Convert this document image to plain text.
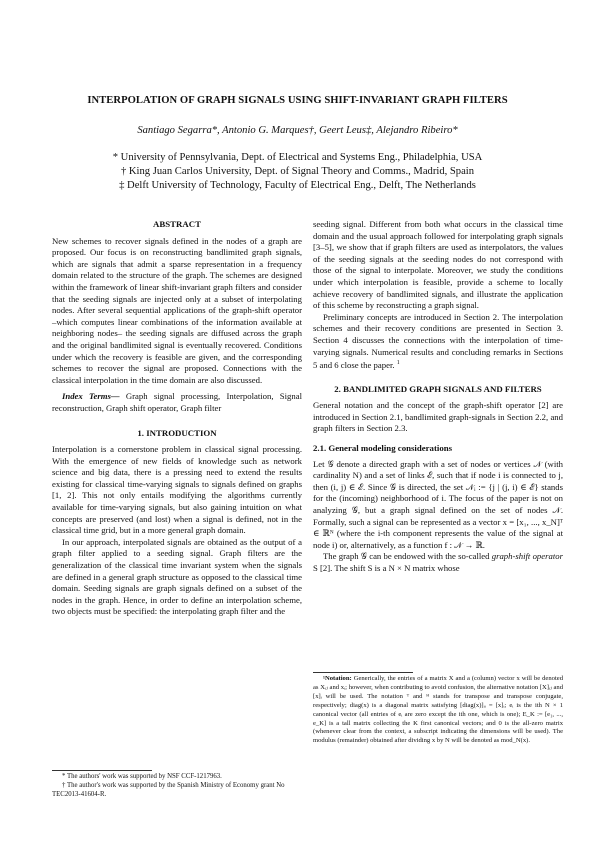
INTERPOLATION OF GRAPH SIGNALS USING SHIFT-INVARIANT GRAPH FILTERS
Santiago Segarra*, Antonio G. Marques†, Geert Leus‡, Alejandro Ribeiro*
* University of Pennsylvania, Dept. of Electrical and Systems Eng., Philadelphia, USA
† King Juan Carlos University, Dept. of Signal Theory and Comms., Madrid, Spain
‡ Delft University of Technology, Faculty of Electrical Eng., Delft, The Netherlands
ABSTRACT

New schemes to recover signals defined in the nodes of a graph are proposed. Our focus is on reconstructing bandlimited graph signals, which are signals that admit a sparse representation in a frequency domain related to the structure of the graph. The schemes are designed within the framework of linear shift-invariant graph filters and consider that the seeding signals are injected only at a subset of interpolating nodes. After several sequential applications of the graph-shift operator –which computes linear combinations of the information available at neighboring nodes– the seeding signals are diffused across the graph and the original bandlimited signal is eventually recovered. Conditions under which the recovery is feasible are given, and the corresponding schemes to recover the signal are proposed. Connections with the classical interpolation in the time domain are also discussed.

Index Terms— Graph signal processing, Interpolation, Signal reconstruction, Graph shift operator, Graph filter

1. INTRODUCTION

Interpolation is a cornerstone problem in classical signal processing. With the emergence of new fields of knowledge such as network science and big data, there is a pressing need to extend the results existing for classical time-varying signals to signals defined on graphs [1, 2]. This not only entails modifying the algorithms currently available for time-varying signals, but also gaining intuition on what concepts are preserved (and lost) when a signal is defined, not in the classical time grid, but in a more general graph domain.

In our approach, interpolated signals are obtained as the output of a graph filter applied to a seeding signal. Graph filters are the generalization of the classical time invariant system when the signals are defined in a general graph structure as opposed to the classical time domain. Seeding signals are graph signals defined on a subset of the nodes in the graph. Hence, in order to define an interpolation scheme, two objects must be specified: the interpolating graph filter and the

seeding signal. Different from both what occurs in the classical time domain and the usual approach followed for interpolating graph signals [3–5], we show that if graph filters are used as interpolators, the values of the seeding signals at the seeding nodes do not correspond with those of the signal to interpolate. Moreover, we study the conditions under which interpolation is feasible, provide a scheme to locally achieve recovery of bandlimited signals, and illustrate the application of this scheme by reconstructing a graph signal.

Preliminary concepts are introduced in Section 2. The interpolation schemes and their recovery conditions are presented in Section 3. Section 4 discusses the connections with the interpolation of time-varying signals. Numerical results and concluding remarks in Sections 5 and 6 close the paper. $^1$

2. BANDLIMITED GRAPH SIGNALS AND FILTERS

General notation and the concept of the graph-shift operator [2] are introduced in Section 2.1, bandlimited graph-signals in Section 2.2, and graph filters in Section 2.3.

2.1. General modeling considerations

Let 𝒢 denote a directed graph with a set of nodes or vertices 𝒩 (with cardinality N) and a set of links ℰ, such that if node i is connected to j, then (i, j) ∈ ℰ. Since 𝒢 is directed, the set 𝒩ᵢ := {j | (j, i) ∈ ℰ} stands for the (incoming) neighborhood of i. The focus of the paper is not on analyzing 𝒢, but a graph signal defined on the set of nodes 𝒩. Formally, such a signal can be represented as a vector x = [x₁, ..., x_N]ᵀ ∈ ℝᴺ (where the i-th component represents the value of the signal at node i) or, alternatively, as a function f : 𝒩 → ℝ.

The graph 𝒢 can be endowed with the so-called graph-shift operator S [2]. The shift S is a N × N matrix whose

* The authors' work was supported by NSF CCF-1217963.

† The author's work was supported by the Spanish Ministry of Economy grant No TEC2013-41604-R.

¹Notation: Generically, the entries of a matrix X and a (column) vector x will be denoted as Xᵢⱼ and xᵢ; however, when contributing to avoid confusion, the alternative notation [X]ᵢⱼ and [x]ᵢ will be used. The notation ᵀ and ᴴ stands for transpose and transpose conjugate, respectively; diag(x) is a diagonal matrix satisfying [diag(x)]ᵢᵢ = [x]ᵢ; eᵢ is the ith N × 1 canonical vector (all entries of eᵢ are zero except the ith one, which is one); E_K := [e₁, ..., e_K] is a tall matrix collecting the K first canonical vectors; and 0 is the all-zero matrix (whenever clear from the context, a subscript indicating the dimensions will be used). The modulus (remainder) obtained after dividing x by N will be denoted as mod_N(x).
